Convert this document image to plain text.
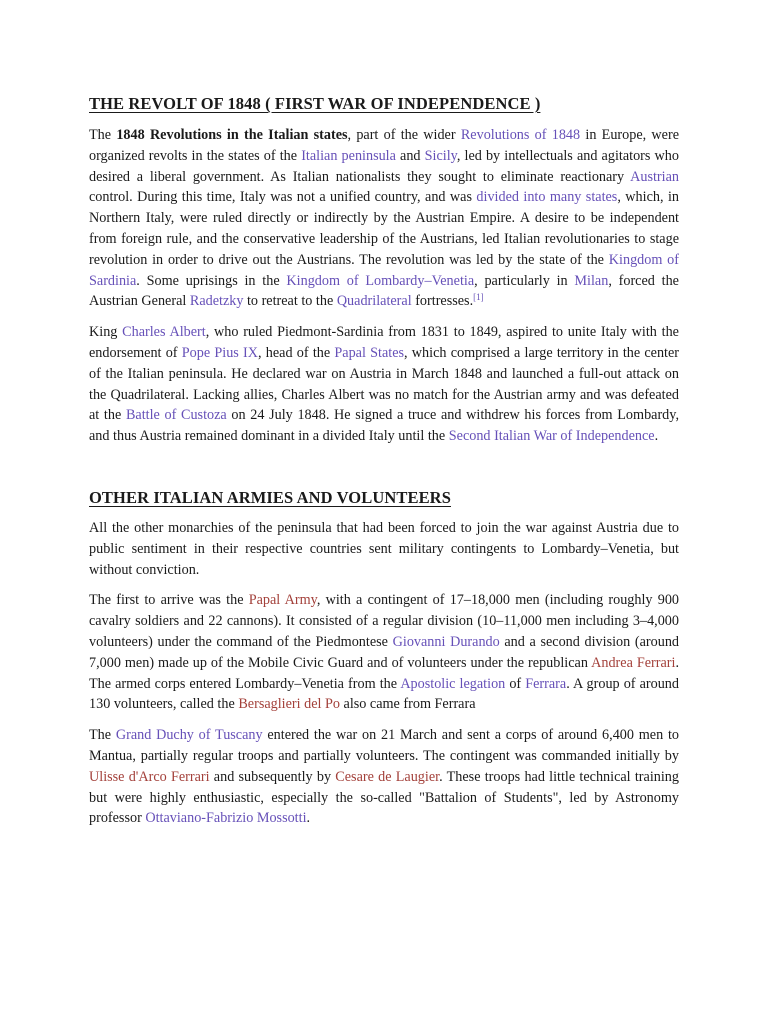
THE REVOLT OF 1848 ( FIRST WAR OF INDEPENDENCE )

The 1848 Revolutions in the Italian states, part of the wider Revolutions of 1848 in Europe, were organized revolts in the states of the Italian peninsula and Sicily, led by intellectuals and agitators who desired a liberal government. As Italian nationalists they sought to eliminate reactionary Austrian control. During this time, Italy was not a unified country, and was divided into many states, which, in Northern Italy, were ruled directly or indirectly by the Austrian Empire. A desire to be independent from foreign rule, and the conservative leadership of the Austrians, led Italian revolutionaries to stage revolution in order to drive out the Austrians. The revolution was led by the state of the Kingdom of Sardinia. Some uprisings in the Kingdom of Lombardy–Venetia, particularly in Milan, forced the Austrian General Radetzky to retreat to the Quadrilateral fortresses.[1]

King Charles Albert, who ruled Piedmont-Sardinia from 1831 to 1849, aspired to unite Italy with the endorsement of Pope Pius IX, head of the Papal States, which comprised a large territory in the center of the Italian peninsula. He declared war on Austria in March 1848 and launched a full-out attack on the Quadrilateral. Lacking allies, Charles Albert was no match for the Austrian army and was defeated at the Battle of Custoza on 24 July 1848. He signed a truce and withdrew his forces from Lombardy, and thus Austria remained dominant in a divided Italy until the Second Italian War of Independence.

OTHER ITALIAN ARMIES AND VOLUNTEERS

All the other monarchies of the peninsula that had been forced to join the war against Austria due to public sentiment in their respective countries sent military contingents to Lombardy–Venetia, but without conviction.

The first to arrive was the Papal Army, with a contingent of 17–18,000 men (including roughly 900 cavalry soldiers and 22 cannons). It consisted of a regular division (10–11,000 men including 3–4,000 volunteers) under the command of the Piedmontese Giovanni Durando and a second division (around 7,000 men) made up of the Mobile Civic Guard and of volunteers under the republican Andrea Ferrari. The armed corps entered Lombardy–Venetia from the Apostolic legation of Ferrara. A group of around 130 volunteers, called the Bersaglieri del Po also came from Ferrara

The Grand Duchy of Tuscany entered the war on 21 March and sent a corps of around 6,400 men to Mantua, partially regular troops and partially volunteers. The contingent was commanded initially by Ulisse d'Arco Ferrari and subsequently by Cesare de Laugier. These troops had little technical training but were highly enthusiastic, especially the so-called "Battalion of Students", led by Astronomy professor Ottaviano-Fabrizio Mossotti.
